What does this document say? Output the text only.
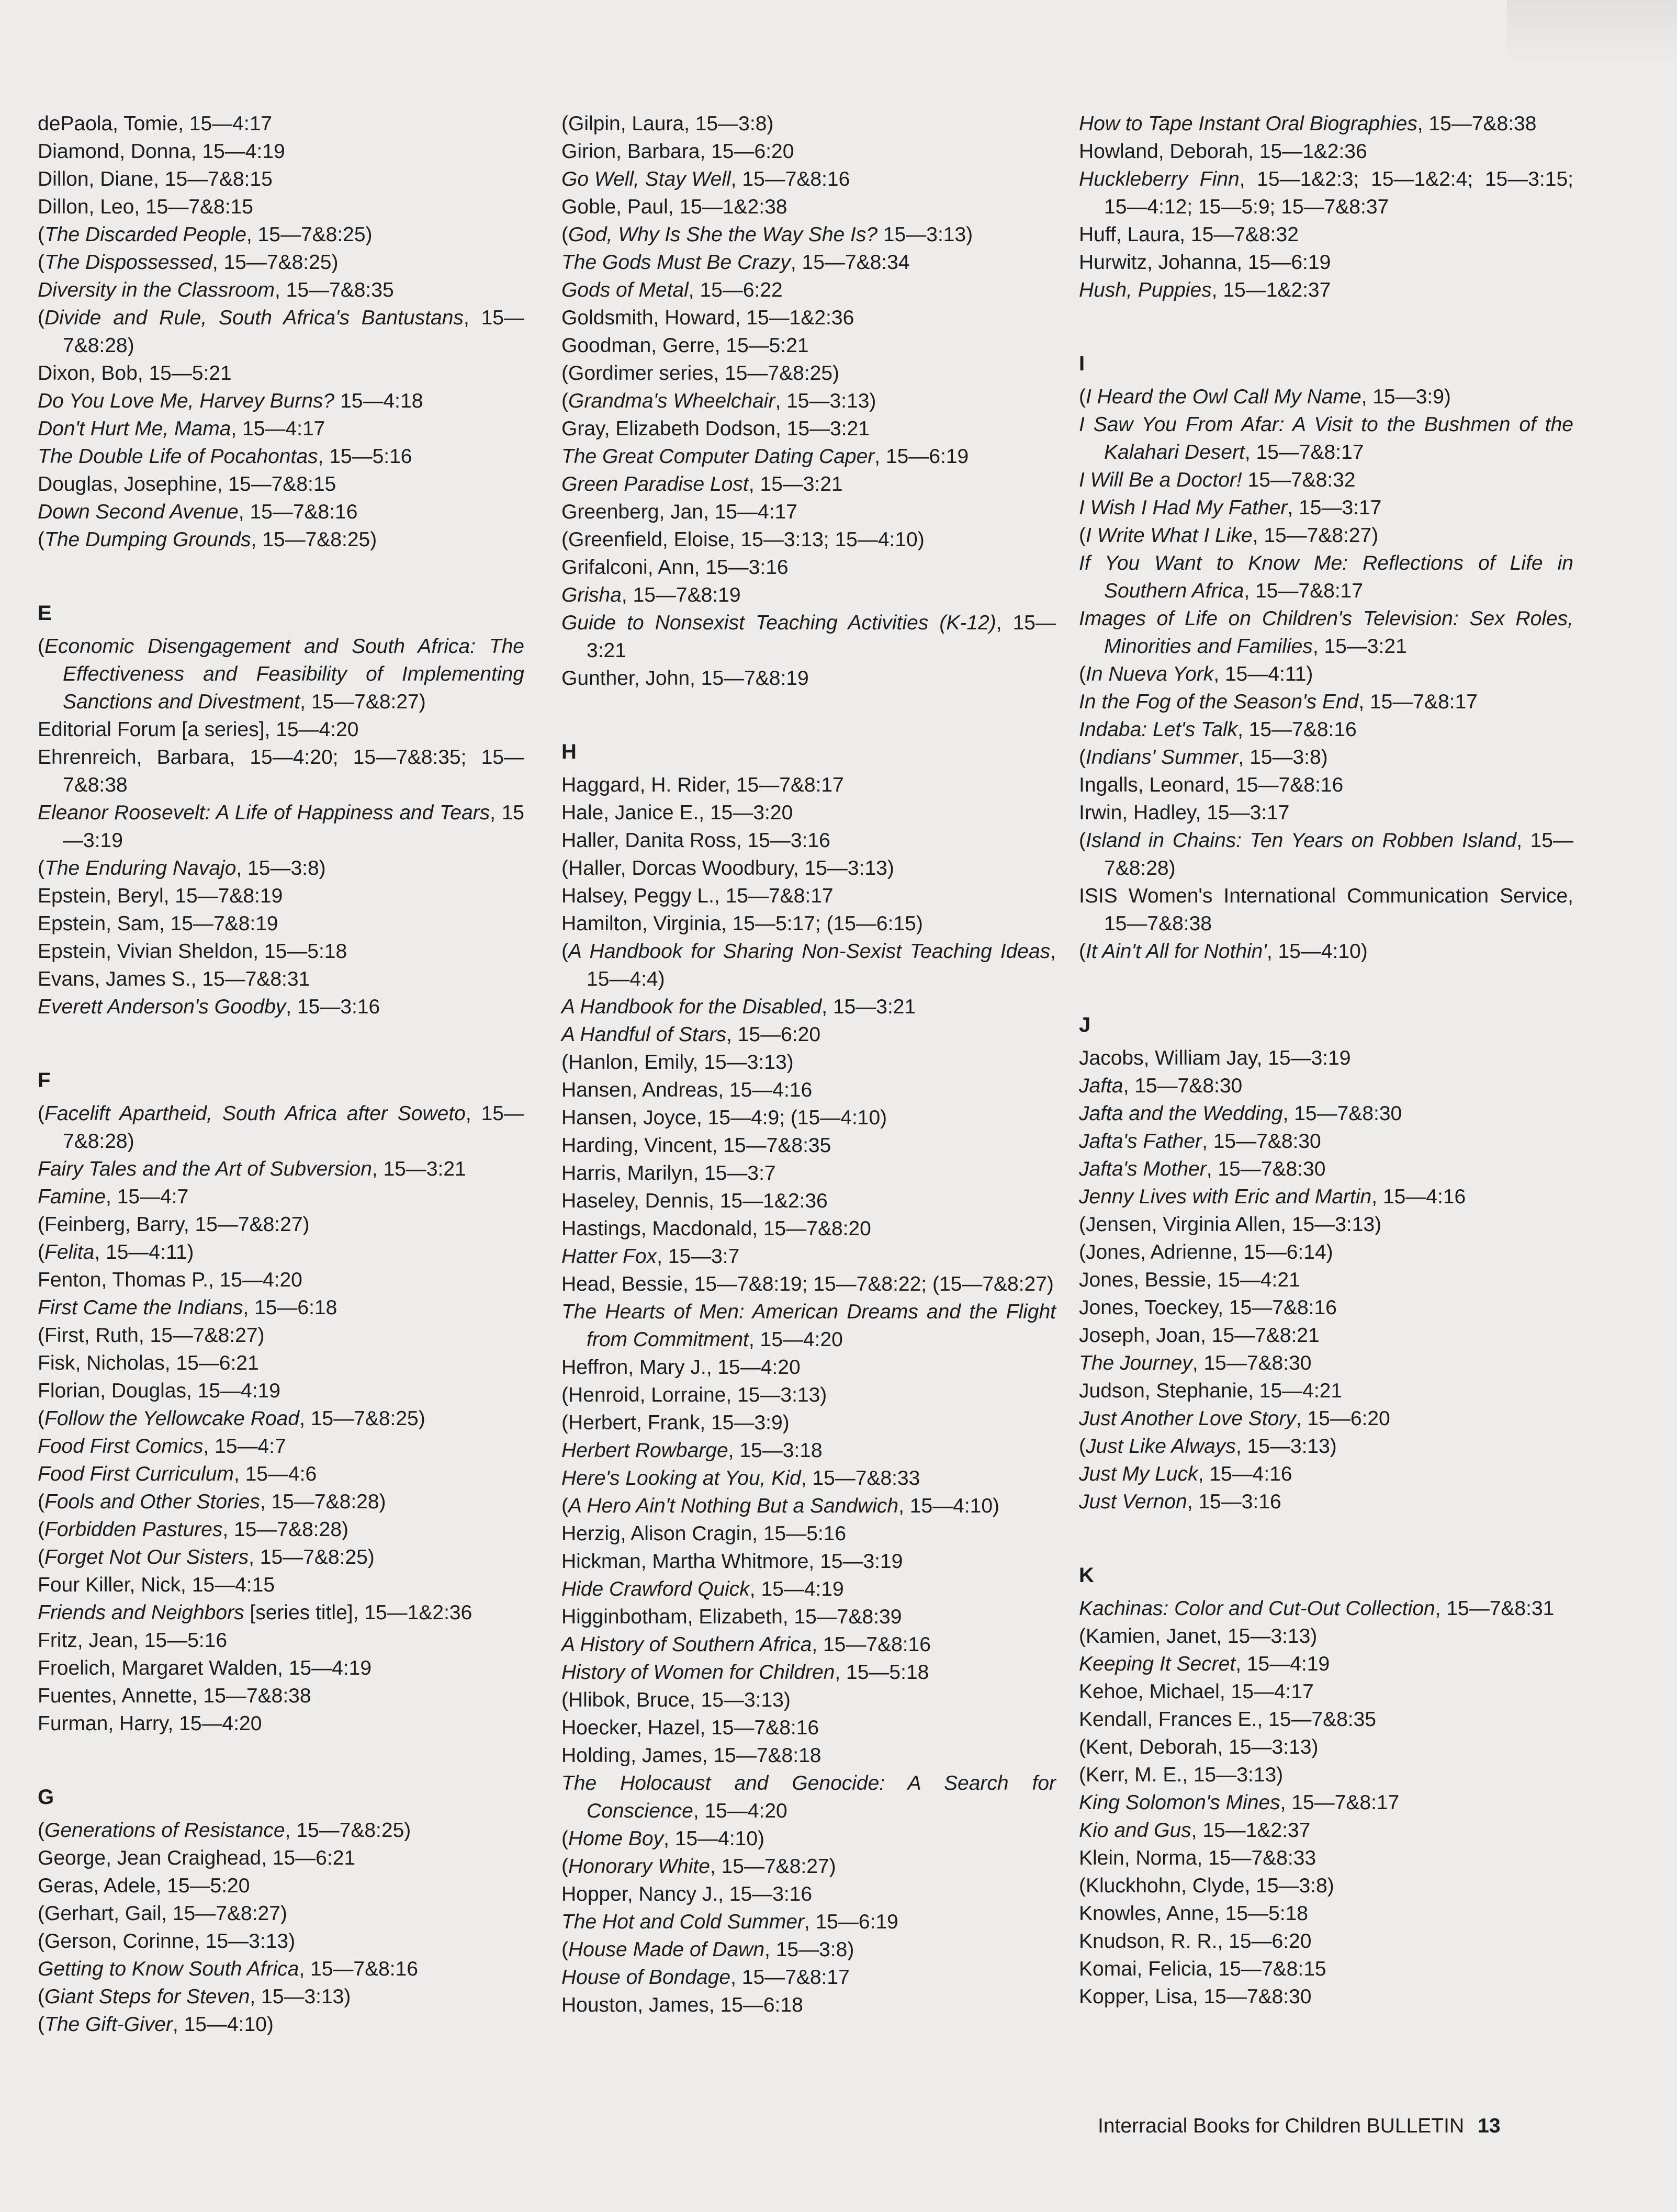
dePaola, Tomie, 15—4:17

Diamond, Donna, 15—4:19

Dillon, Diane, 15—7&8:15

Dillon, Leo, 15—7&8:15

(The Discarded People, 15—7&8:25)

(The Dispossessed, 15—7&8:25)

Diversity in the Classroom, 15—7&8:35

(Divide and Rule, South Africa's Bantustans, 15—7&8:28)

Dixon, Bob, 15—5:21

Do You Love Me, Harvey Burns? 15—4:18

Don't Hurt Me, Mama, 15—4:17

The Double Life of Pocahontas, 15—5:16

Douglas, Josephine, 15—7&8:15

Down Second Avenue, 15—7&8:16

(The Dumping Grounds, 15—7&8:25)

E

(Economic Disengagement and South Africa: The Effectiveness and Feasibility of Implementing Sanctions and Divestment, 15—7&8:27)

Editorial Forum [a series], 15—4:20

Ehrenreich, Barbara, 15—4:20; 15—7&8:35; 15—7&8:38

Eleanor Roosevelt: A Life of Happiness and Tears, 15—3:19

(The Enduring Navajo, 15—3:8)

Epstein, Beryl, 15—7&8:19

Epstein, Sam, 15—7&8:19

Epstein, Vivian Sheldon, 15—5:18

Evans, James S., 15—7&8:31

Everett Anderson's Goodby, 15—3:16

F

(Facelift Apartheid, South Africa after Soweto, 15—7&8:28)

Fairy Tales and the Art of Subversion, 15—3:21

Famine, 15—4:7

(Feinberg, Barry, 15—7&8:27)

(Felita, 15—4:11)

Fenton, Thomas P., 15—4:20

First Came the Indians, 15—6:18

(First, Ruth, 15—7&8:27)

Fisk, Nicholas, 15—6:21

Florian, Douglas, 15—4:19

(Follow the Yellowcake Road, 15—7&8:25)

Food First Comics, 15—4:7

Food First Curriculum, 15—4:6

(Fools and Other Stories, 15—7&8:28)

(Forbidden Pastures, 15—7&8:28)

(Forget Not Our Sisters, 15—7&8:25)

Four Killer, Nick, 15—4:15

Friends and Neighbors [series title], 15—1&2:36

Fritz, Jean, 15—5:16

Froelich, Margaret Walden, 15—4:19

Fuentes, Annette, 15—7&8:38

Furman, Harry, 15—4:20

G

(Generations of Resistance, 15—7&8:25)

George, Jean Craighead, 15—6:21

Geras, Adele, 15—5:20

(Gerhart, Gail, 15—7&8:27)

(Gerson, Corinne, 15—3:13)

Getting to Know South Africa, 15—7&8:16

(Giant Steps for Steven, 15—3:13)

(The Gift-Giver, 15—4:10)

(Gilpin, Laura, 15—3:8)

Girion, Barbara, 15—6:20

Go Well, Stay Well, 15—7&8:16

Goble, Paul, 15—1&2:38

(God, Why Is She the Way She Is? 15—3:13)

The Gods Must Be Crazy, 15—7&8:34

Gods of Metal, 15—6:22

Goldsmith, Howard, 15—1&2:36

Goodman, Gerre, 15—5:21

(Gordimer series, 15—7&8:25)

(Grandma's Wheelchair, 15—3:13)

Gray, Elizabeth Dodson, 15—3:21

The Great Computer Dating Caper, 15—6:19

Green Paradise Lost, 15—3:21

Greenberg, Jan, 15—4:17

(Greenfield, Eloise, 15—3:13; 15—4:10)

Grifalconi, Ann, 15—3:16

Grisha, 15—7&8:19

Guide to Nonsexist Teaching Activities (K-12), 15—3:21

Gunther, John, 15—7&8:19

H

Haggard, H. Rider, 15—7&8:17

Hale, Janice E., 15—3:20

Haller, Danita Ross, 15—3:16

(Haller, Dorcas Woodbury, 15—3:13)

Halsey, Peggy L., 15—7&8:17

Hamilton, Virginia, 15—5:17; (15—6:15)

(A Handbook for Sharing Non-Sexist Teaching Ideas, 15—4:4)

A Handbook for the Disabled, 15—3:21

A Handful of Stars, 15—6:20

(Hanlon, Emily, 15—3:13)

Hansen, Andreas, 15—4:16

Hansen, Joyce, 15—4:9; (15—4:10)

Harding, Vincent, 15—7&8:35

Harris, Marilyn, 15—3:7

Haseley, Dennis, 15—1&2:36

Hastings, Macdonald, 15—7&8:20

Hatter Fox, 15—3:7

Head, Bessie, 15—7&8:19; 15—7&8:22; (15—7&8:27)

The Hearts of Men: American Dreams and the Flight from Commitment, 15—4:20

Heffron, Mary J., 15—4:20

(Henroid, Lorraine, 15—3:13)

(Herbert, Frank, 15—3:9)

Herbert Rowbarge, 15—3:18

Here's Looking at You, Kid, 15—7&8:33

(A Hero Ain't Nothing But a Sandwich, 15—4:10)

Herzig, Alison Cragin, 15—5:16

Hickman, Martha Whitmore, 15—3:19

Hide Crawford Quick, 15—4:19

Higginbotham, Elizabeth, 15—7&8:39

A History of Southern Africa, 15—7&8:16

History of Women for Children, 15—5:18

(Hlibok, Bruce, 15—3:13)

Hoecker, Hazel, 15—7&8:16

Holding, James, 15—7&8:18

The Holocaust and Genocide: A Search for Conscience, 15—4:20

(Home Boy, 15—4:10)

(Honorary White, 15—7&8:27)

Hopper, Nancy J., 15—3:16

The Hot and Cold Summer, 15—6:19

(House Made of Dawn, 15—3:8)

House of Bondage, 15—7&8:17

Houston, James, 15—6:18

How to Tape Instant Oral Biographies, 15—7&8:38

Howland, Deborah, 15—1&2:36

Huckleberry Finn, 15—1&2:3; 15—1&2:4; 15—3:15; 15—4:12; 15—5:9; 15—7&8:37

Huff, Laura, 15—7&8:32

Hurwitz, Johanna, 15—6:19

Hush, Puppies, 15—1&2:37

I

(I Heard the Owl Call My Name, 15—3:9)

I Saw You From Afar: A Visit to the Bushmen of the Kalahari Desert, 15—7&8:17

I Will Be a Doctor! 15—7&8:32

I Wish I Had My Father, 15—3:17

(I Write What I Like, 15—7&8:27)

If You Want to Know Me: Reflections of Life in Southern Africa, 15—7&8:17

Images of Life on Children's Television: Sex Roles, Minorities and Families, 15—3:21

(In Nueva York, 15—4:11)

In the Fog of the Season's End, 15—7&8:17

Indaba: Let's Talk, 15—7&8:16

(Indians' Summer, 15—3:8)

Ingalls, Leonard, 15—7&8:16

Irwin, Hadley, 15—3:17

(Island in Chains: Ten Years on Robben Island, 15—7&8:28)

ISIS Women's International Communication Service, 15—7&8:38

(It Ain't All for Nothin', 15—4:10)

J

Jacobs, William Jay, 15—3:19

Jafta, 15—7&8:30

Jafta and the Wedding, 15—7&8:30

Jafta's Father, 15—7&8:30

Jafta's Mother, 15—7&8:30

Jenny Lives with Eric and Martin, 15—4:16

(Jensen, Virginia Allen, 15—3:13)

(Jones, Adrienne, 15—6:14)

Jones, Bessie, 15—4:21

Jones, Toeckey, 15—7&8:16

Joseph, Joan, 15—7&8:21

The Journey, 15—7&8:30

Judson, Stephanie, 15—4:21

Just Another Love Story, 15—6:20

(Just Like Always, 15—3:13)

Just My Luck, 15—4:16

Just Vernon, 15—3:16

K

Kachinas: Color and Cut-Out Collection, 15—7&8:31

(Kamien, Janet, 15—3:13)

Keeping It Secret, 15—4:19

Kehoe, Michael, 15—4:17

Kendall, Frances E., 15—7&8:35

(Kent, Deborah, 15—3:13)

(Kerr, M. E., 15—3:13)

King Solomon's Mines, 15—7&8:17

Kio and Gus, 15—1&2:37

Klein, Norma, 15—7&8:33

(Kluckhohn, Clyde, 15—3:8)

Knowles, Anne, 15—5:18

Knudson, R. R., 15—6:20

Komai, Felicia, 15—7&8:15

Kopper, Lisa, 15—7&8:30

Interracial Books for Children BULLETIN 13
